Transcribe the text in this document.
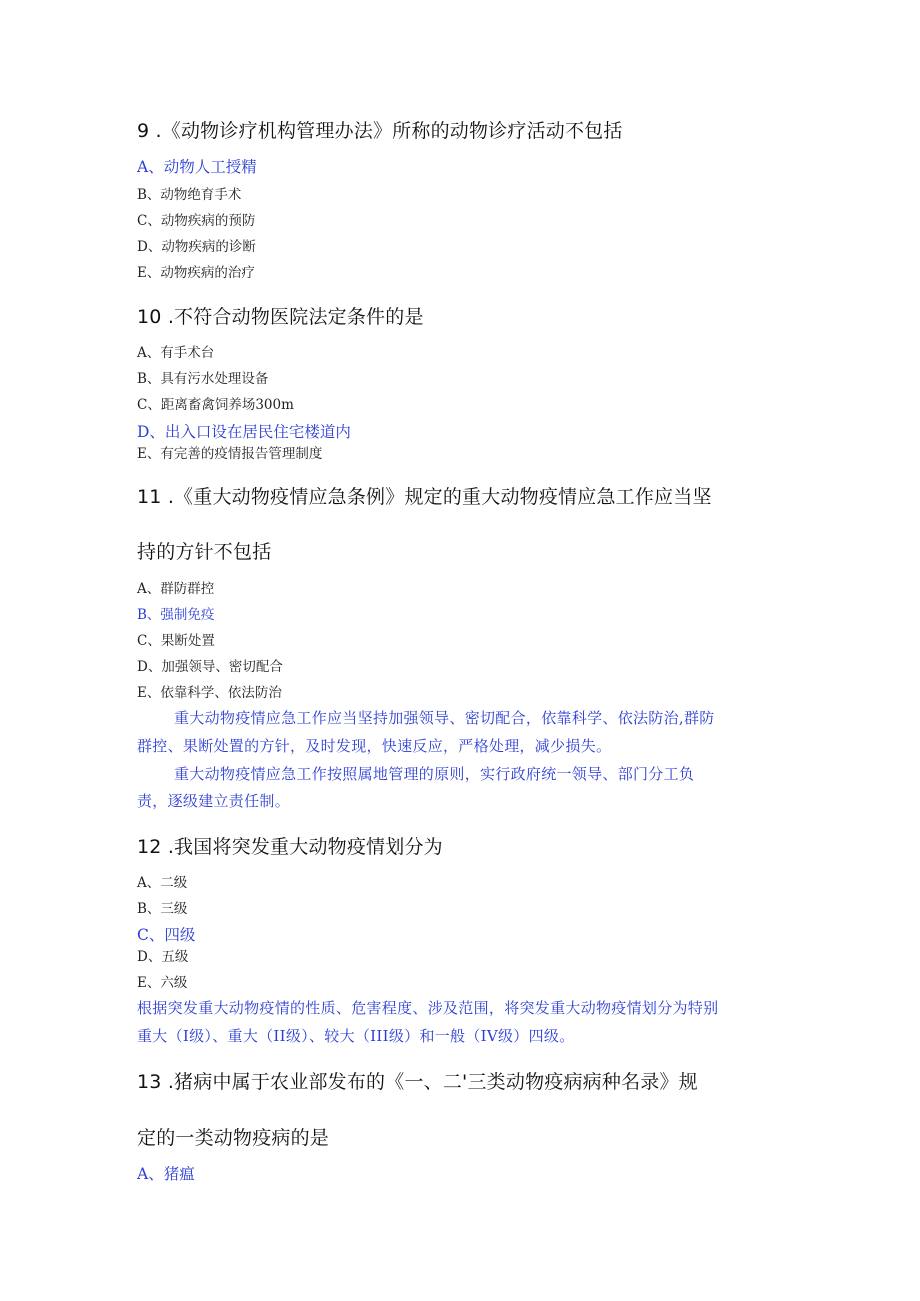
9 .《动物诊疗机构管理办法》所称的动物诊疗活动不包括
A、动物人工授精
B、动物绝育手术
C、动物疾病的预防
D、动物疾病的诊断
E、动物疾病的治疗
10 .不符合动物医院法定条件的是
A、有手术台
B、具有污水处理设备
C、距离畜禽饲养场300m
D、出入口设在居民住宅楼道内
E、有完善的疫情报告管理制度
11 .《重大动物疫情应急条例》规定的重大动物疫情应急工作应当坚
持的方针不包括
A、群防群控
B、强制免疫
C、果断处置
D、加强领导、密切配合
E、依靠科学、依法防治
重大动物疫情应急工作应当坚持加强领导、密切配合，依靠科学、依法防治,群防
群控、果断处置的方针，及时发现，快速反应，严格处理，减少损失。
重大动物疫情应急工作按照属地管理的原则，实行政府统一领导、部门分工负
责，逐级建立责任制。
12 .我国将突发重大动物疫情划分为
A、二级
B、三级
C、四级
D、五级
E、六级
根据突发重大动物疫情的性质、危害程度、涉及范围，将突发重大动物疫情划分为特别
重大（I级）、重大（II级）、较大（III级）和一般（IV级）四级。
13 .猪病中属于农业部发布的《一、二'三类动物疫病病种名录》规
定的一类动物疫病的是
A、猪瘟
